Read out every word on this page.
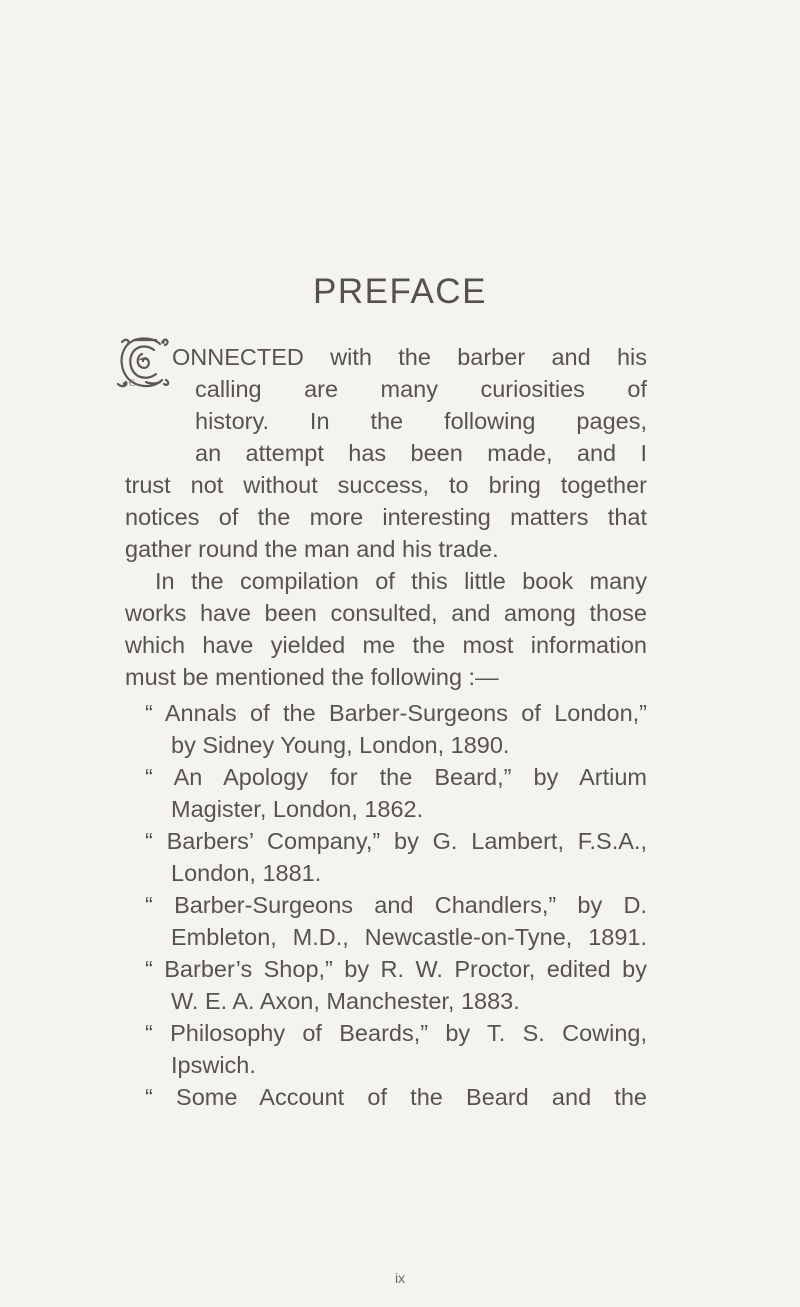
PREFACE
C
ONNECTED with the barber and his
calling are many curiosities of
history. In the following pages,
an attempt has been made, and I
trust not without success, to bring together
notices of the more interesting matters that
gather round the man and his trade.
In the compilation of this little book many
works have been consulted, and among those
which have yielded me the most information
must be mentioned the following :—
“ Annals of the Barber-Surgeons of London,”
by Sidney Young, London, 1890.
“ An Apology for the Beard,” by Artium
Magister, London, 1862.
“ Barbers’ Company,” by G. Lambert, F.S.A.,
London, 1881.
“ Barber-Surgeons and Chandlers,” by D.
Embleton, M.D., Newcastle-on-Tyne, 1891.
“ Barber’s Shop,” by R. W. Proctor, edited by
W. E. A. Axon, Manchester, 1883.
“ Philosophy of Beards,” by T. S. Cowing,
Ipswich.
“ Some Account of the Beard and the
ix
